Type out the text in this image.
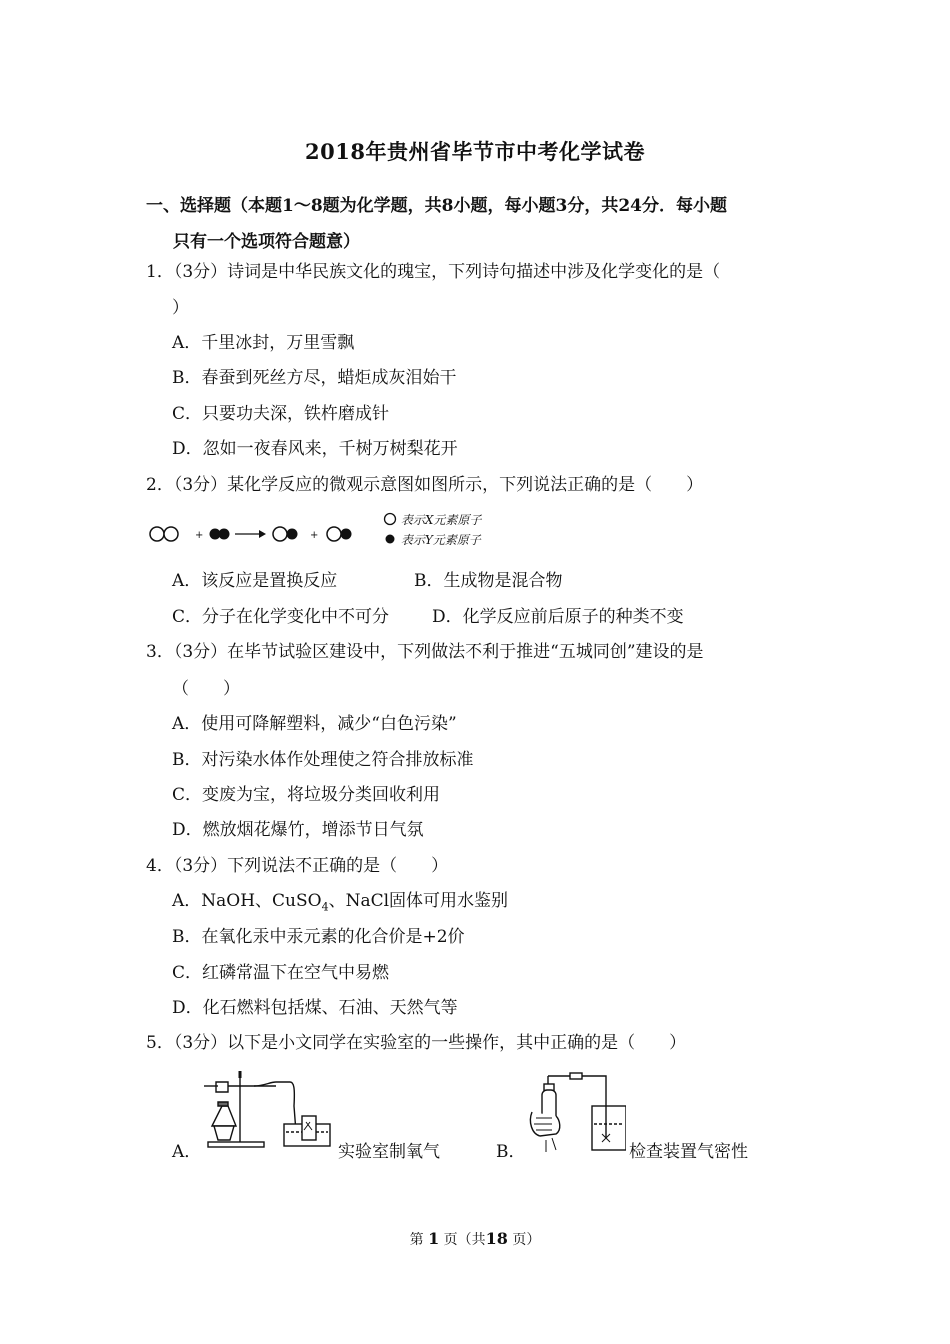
2018年贵州省毕节市中考化学试卷
一、选择题（本题1～8题为化学题，共8小题，每小题3分，共24分．每小题
只有一个选项符合题意）
1．（3分）诗词是中华民族文化的瑰宝，下列诗句描述中涉及化学变化的是（
）
A．千里冰封，万里雪飘
B．春蚕到死丝方尽，蜡炬成灰泪始干
C．只要功夫深，铁杵磨成针
D．忽如一夜春风来，千树万树梨花开
2．（3分）某化学反应的微观示意图如图所示，下列说法正确的是（　　）
+	+
表示X元素原子
表示Y元素原子
A．该反应是置换反应	B．生成物是混合物
C．分子在化学变化中不可分	D．化学反应前后原子的种类不变
3．（3分）在毕节试验区建设中，下列做法不利于推进“五城同创”建设的是
（　　）
A．使用可降解塑料，减少“白色污染”
B．对污染水体作处理使之符合排放标准
C．变废为宝，将垃圾分类回收利用
D．燃放烟花爆竹，增添节日气氛
4．（3分）下列说法不正确的是（　　）
A．NaOH、CuSO$_4$、NaCl固体可用水鉴别
B．在氧化汞中汞元素的化合价是+2价
C．红磷常温下在空气中易燃
D．化石燃料包括煤、石油、天然气等
5．（3分）以下是小文同学在实验室的一些操作，其中正确的是（　　）
A．	实验室制氧气	B．	检查装置气密性
第 1 页（共18 页）
